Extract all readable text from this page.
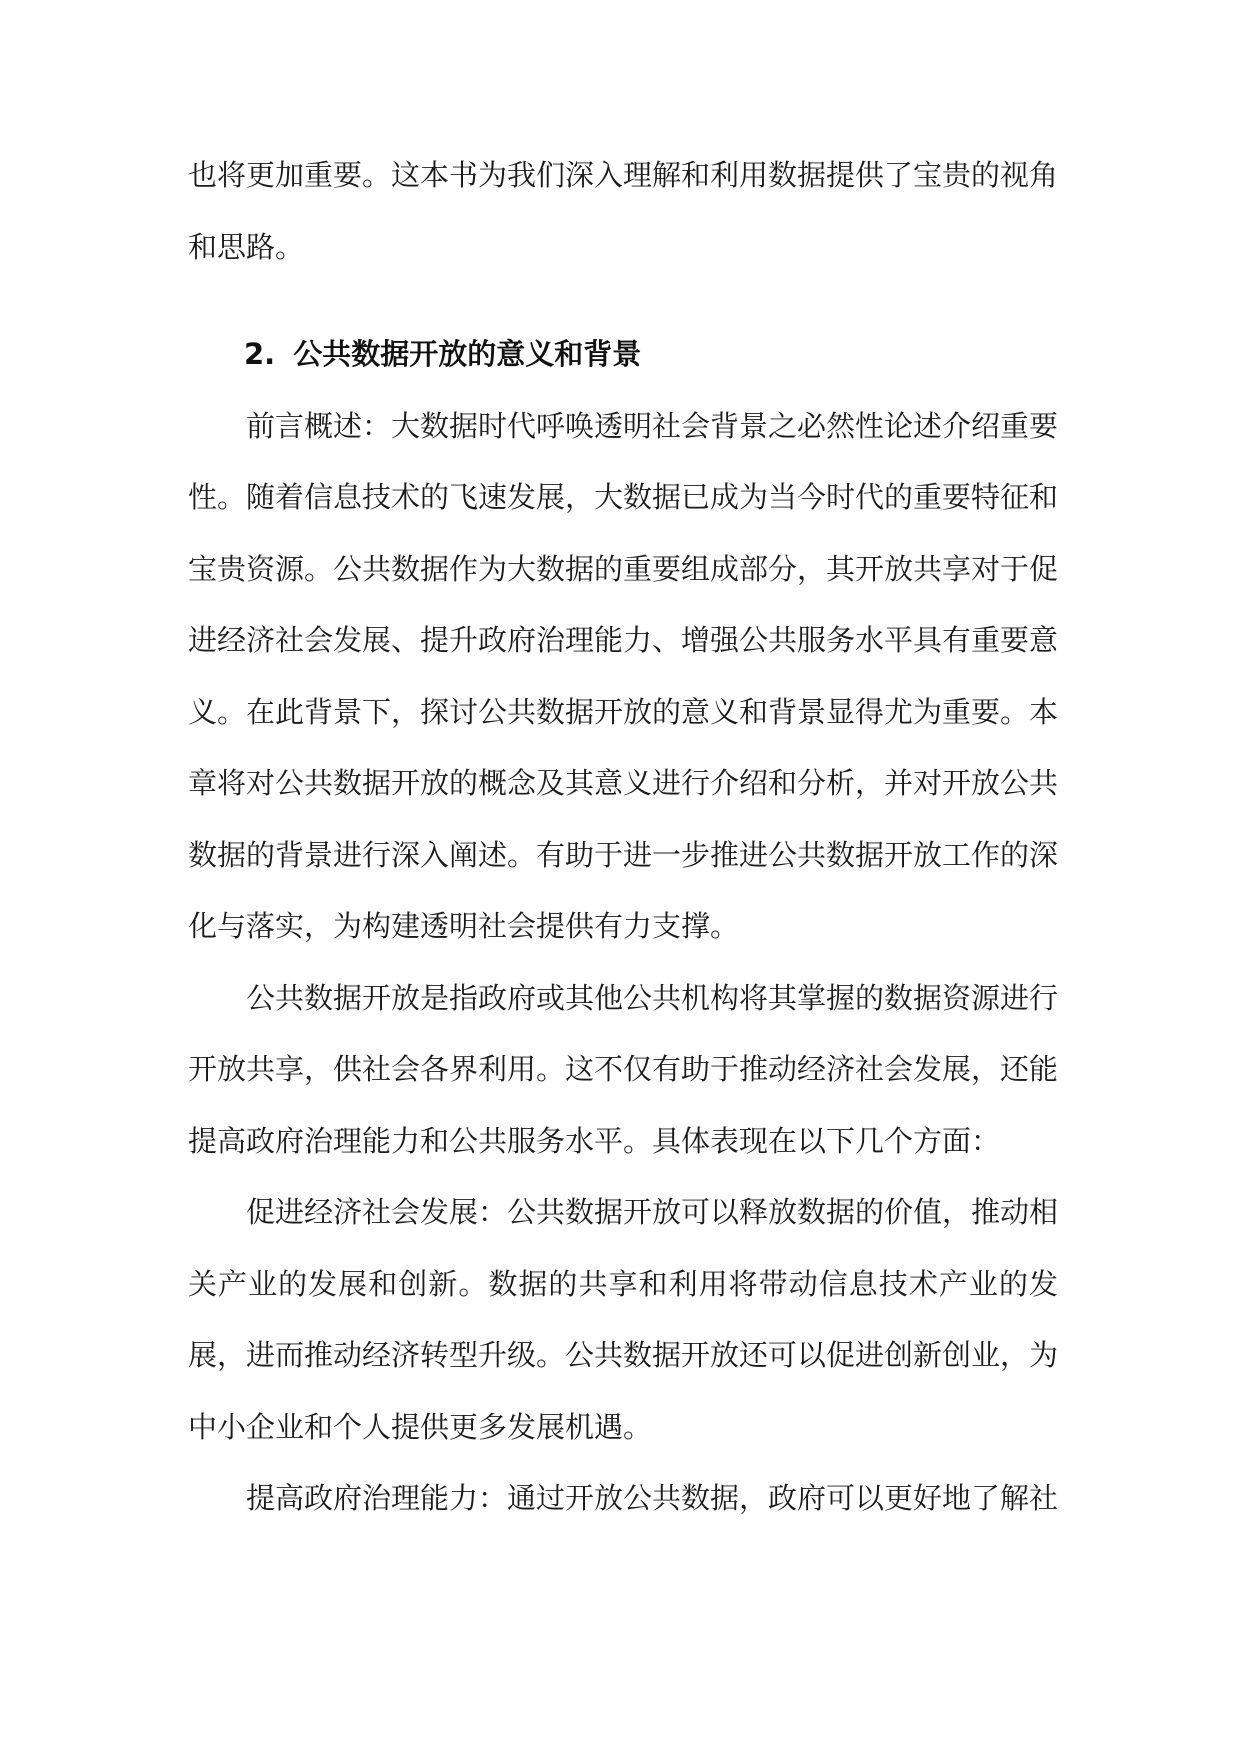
也将更加重要。这本书为我们深入理解和利用数据提供了宝贵的视角和思路。

2. 公共数据开放的意义和背景

前言概述：大数据时代呼唤透明社会背景之必然性论述介绍重要性。随着信息技术的飞速发展，大数据已成为当今时代的重要特征和宝贵资源。公共数据作为大数据的重要组成部分，其开放共享对于促进经济社会发展、提升政府治理能力、增强公共服务水平具有重要意义。在此背景下，探讨公共数据开放的意义和背景显得尤为重要。本章将对公共数据开放的概念及其意义进行介绍和分析，并对开放公共数据的背景进行深入阐述。有助于进一步推进公共数据开放工作的深化与落实，为构建透明社会提供有力支撑。

公共数据开放是指政府或其他公共机构将其掌握的数据资源进行开放共享，供社会各界利用。这不仅有助于推动经济社会发展，还能提高政府治理能力和公共服务水平。具体表现在以下几个方面：

促进经济社会发展：公共数据开放可以释放数据的价值，推动相关产业的发展和创新。数据的共享和利用将带动信息技术产业的发展，进而推动经济转型升级。公共数据开放还可以促进创新创业，为中小企业和个人提供更多发展机遇。

提高政府治理能力：通过开放公共数据，政府可以更好地了解社
